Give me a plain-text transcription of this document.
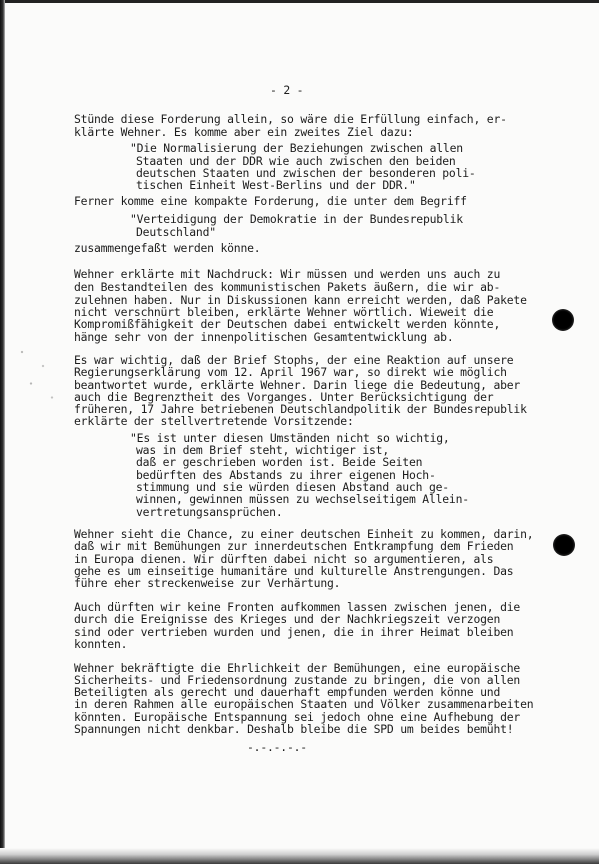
- 2 -
Stünde diese Forderung allein, so wäre die Erfüllung einfach, er-
klärte Wehner. Es komme aber ein zweites Ziel dazu:
"Die Normalisierung der Beziehungen zwischen allen
Staaten und der DDR wie auch zwischen den beiden
deutschen Staaten und zwischen der besonderen poli-
tischen Einheit West-Berlins und der DDR."
Ferner komme eine kompakte Forderung, die unter dem Begriff
"Verteidigung der Demokratie in der Bundesrepublik
Deutschland"
zusammengefaßt werden könne.
Wehner erklärte mit Nachdruck: Wir müssen und werden uns auch zu
den Bestandteilen des kommunistischen Pakets äußern, die wir ab-
zulehnen haben. Nur in Diskussionen kann erreicht werden, daß Pakete
nicht verschnürt bleiben, erklärte Wehner wörtlich. Wieweit die
Kompromißfähigkeit der Deutschen dabei entwickelt werden könnte,
hänge sehr von der innenpolitischen Gesamtentwicklung ab.
Es war wichtig, daß der Brief Stophs, der eine Reaktion auf unsere
Regierungserklärung vom 12. April 1967 war, so direkt wie möglich
beantwortet wurde, erklärte Wehner. Darin liege die Bedeutung, aber
auch die Begrenztheit des Vorganges. Unter Berücksichtigung der
früheren, 17 Jahre betriebenen Deutschlandpolitik der Bundesrepublik
erklärte der stellvertretende Vorsitzende:
"Es ist unter diesen Umständen nicht so wichtig,
was in dem Brief steht, wichtiger ist,
daß er geschrieben worden ist. Beide Seiten
bedürften des Abstands zu ihrer eigenen Hoch-
stimmung und sie würden diesen Abstand auch ge-
winnen, gewinnen müssen zu wechselseitigem Allein-
vertretungsansprüchen.
Wehner sieht die Chance, zu einer deutschen Einheit zu kommen, darin,
daß wir mit Bemühungen zur innerdeutschen Entkrampfung dem Frieden
in Europa dienen. Wir dürften dabei nicht so argumentieren, als
gehe es um einseitige humanitäre und kulturelle Anstrengungen. Das
führe eher streckenweise zur Verhärtung.
Auch dürften wir keine Fronten aufkommen lassen zwischen jenen, die
durch die Ereignisse des Krieges und der Nachkriegszeit verzogen
sind oder vertrieben wurden und jenen, die in ihrer Heimat bleiben
konnten.
Wehner bekräftigte die Ehrlichkeit der Bemühungen, eine europäische
Sicherheits- und Friedensordnung zustande zu bringen, die von allen
Beteiligten als gerecht und dauerhaft empfunden werden könne und
in deren Rahmen alle europäischen Staaten und Völker zusammenarbeiten
könnten. Europäische Entspannung sei jedoch ohne eine Aufhebung der
Spannungen nicht denkbar. Deshalb bleibe die SPD um beides bemüht!
-.-.-.-.-
